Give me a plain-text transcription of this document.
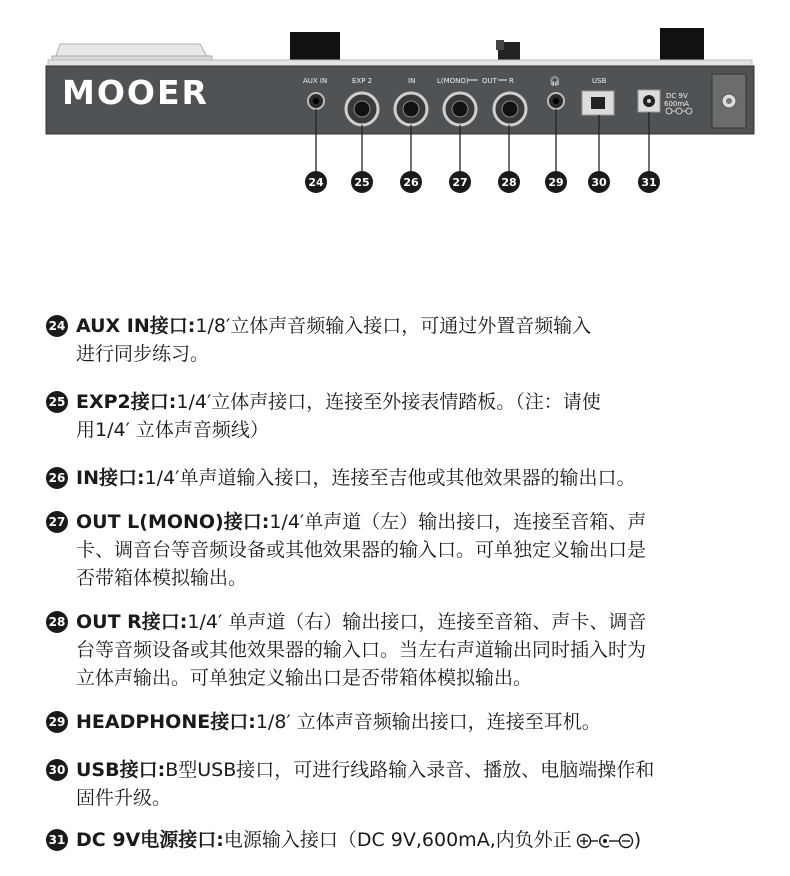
MOOER	AUX IN	EXP 2	IN	L(MONO) OUT R	USB
DC 9V
600mA
🎧︎
24	25	26	27	28	29	30	31
24 AUX IN接口:1/8′立体声音频输入接口，可通过外置音频输入
进行同步练习。
25 EXP2接口:1/4′立体声接口，连接至外接表情踏板。（注：请使
用1/4′ 立体声音频线）
26 IN接口:1/4′单声道输入接口，连接至吉他或其他效果器的输出口。
27 OUT L(MONO)接口:1/4′单声道（左）输出接口，连接至音箱、声
卡、调音台等音频设备或其他效果器的输入口。可单独定义输出口是
否带箱体模拟输出。
28 OUT R接口:1/4′ 单声道（右）输出接口，连接至音箱、声卡、调音
台等音频设备或其他效果器的输入口。当左右声道输出同时插入时为
立体声输出。可单独定义输出口是否带箱体模拟输出。
29 HEADPHONE接口:1/8′ 立体声音频输出接口，连接至耳机。
30 USB接口:B型USB接口，可进行线路输入录音、播放、电脑端操作和
固件升级。
31 DC 9V电源接口:电源输入接口（DC 9V,600mA,内负外正	)
